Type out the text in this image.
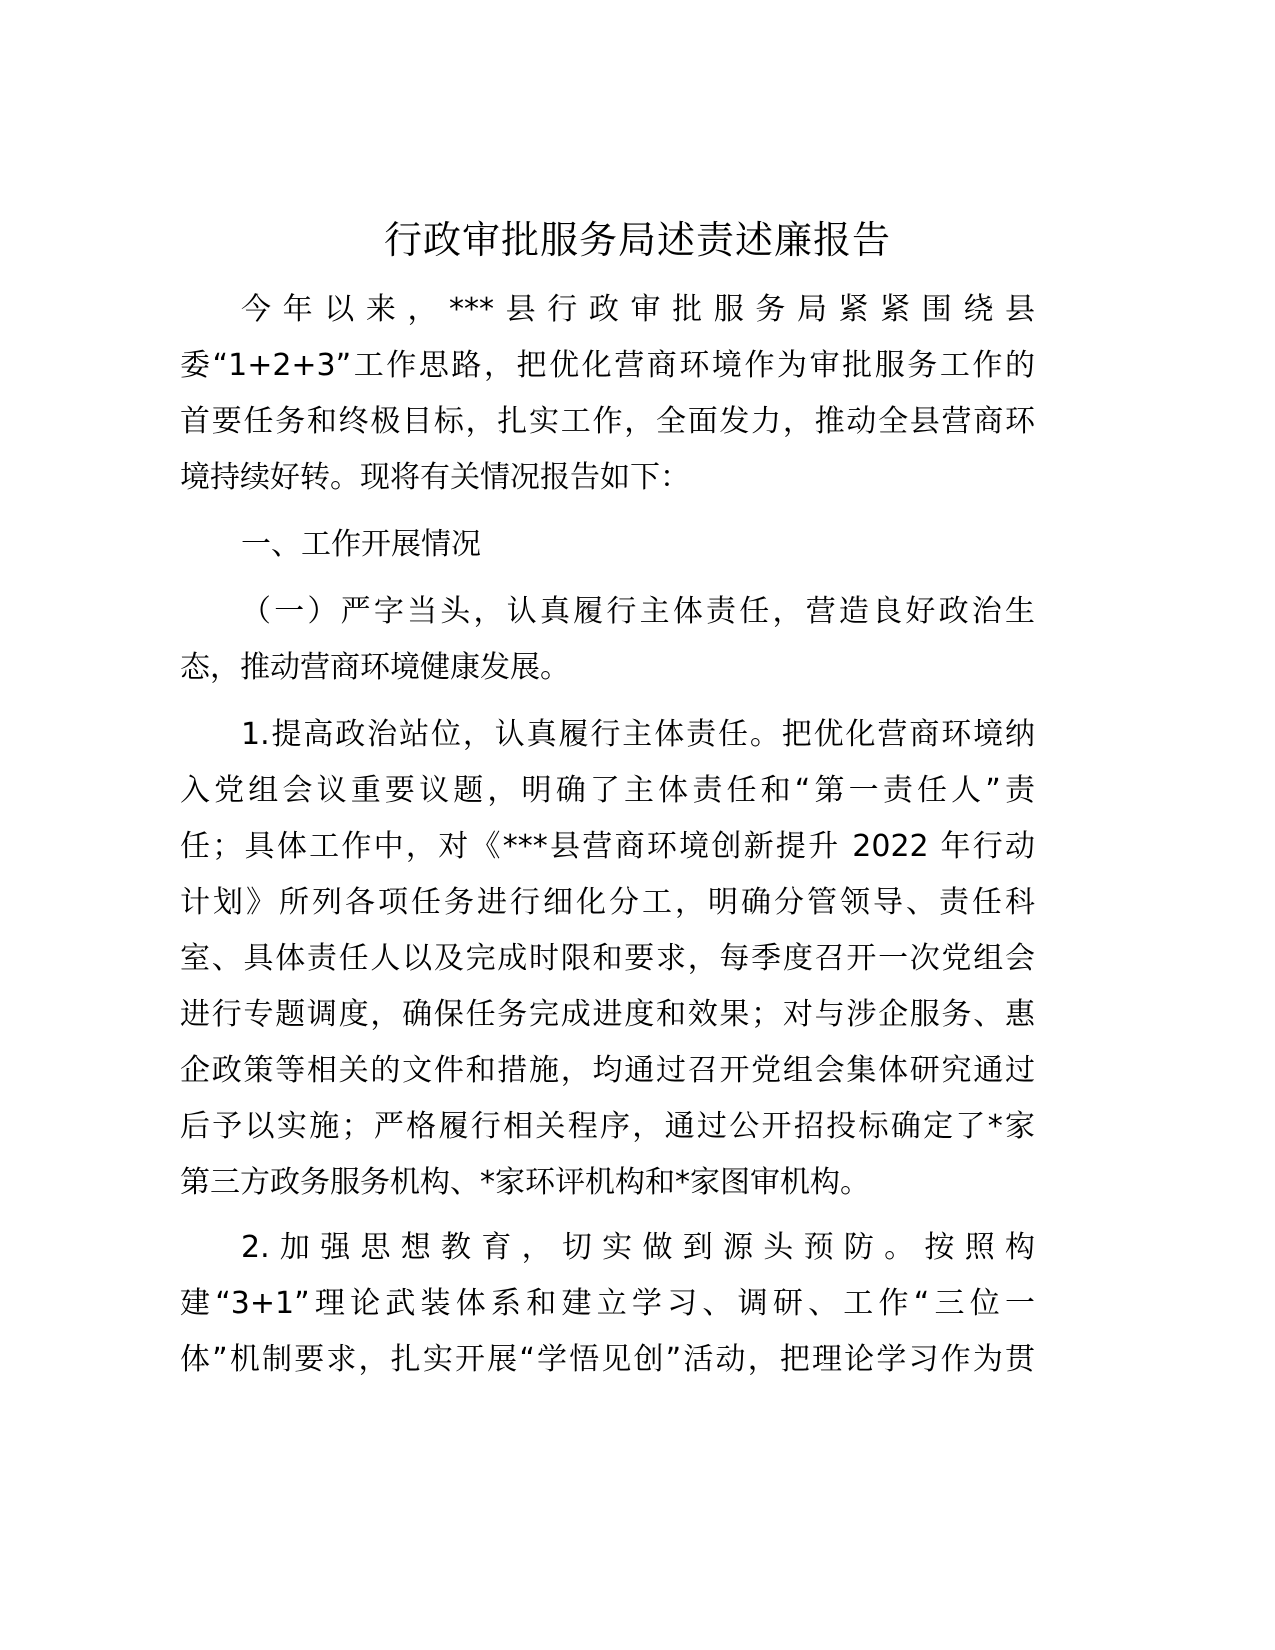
行政审批服务局述责述廉报告
今年以来，***县行政审批服务局紧紧围绕县
委“1+2+3”工作思路，把优化营商环境作为审批服务工作的
首要任务和终极目标，扎实工作，全面发力，推动全县营商环
境持续好转。现将有关情况报告如下：
一、工作开展情况
（一）严字当头，认真履行主体责任，营造良好政治生
态，推动营商环境健康发展。
1.提高政治站位，认真履行主体责任。把优化营商环境纳
入党组会议重要议题，明确了主体责任和“第一责任人”责
任；具体工作中，对《***县营商环境创新提升 2022 年行动
计划》所列各项任务进行细化分工，明确分管领导、责任科
室、具体责任人以及完成时限和要求，每季度召开一次党组会
进行专题调度，确保任务完成进度和效果；对与涉企服务、惠
企政策等相关的文件和措施，均通过召开党组会集体研究通过
后予以实施；严格履行相关程序，通过公开招投标确定了*家
第三方政务服务机构、*家环评机构和*家图审机构。
2.加强思想教育，切实做到源头预防。按照构
建“3+1”理论武装体系和建立学习、调研、工作“三位一
体”机制要求，扎实开展“学悟见创”活动，把理论学习作为贯
